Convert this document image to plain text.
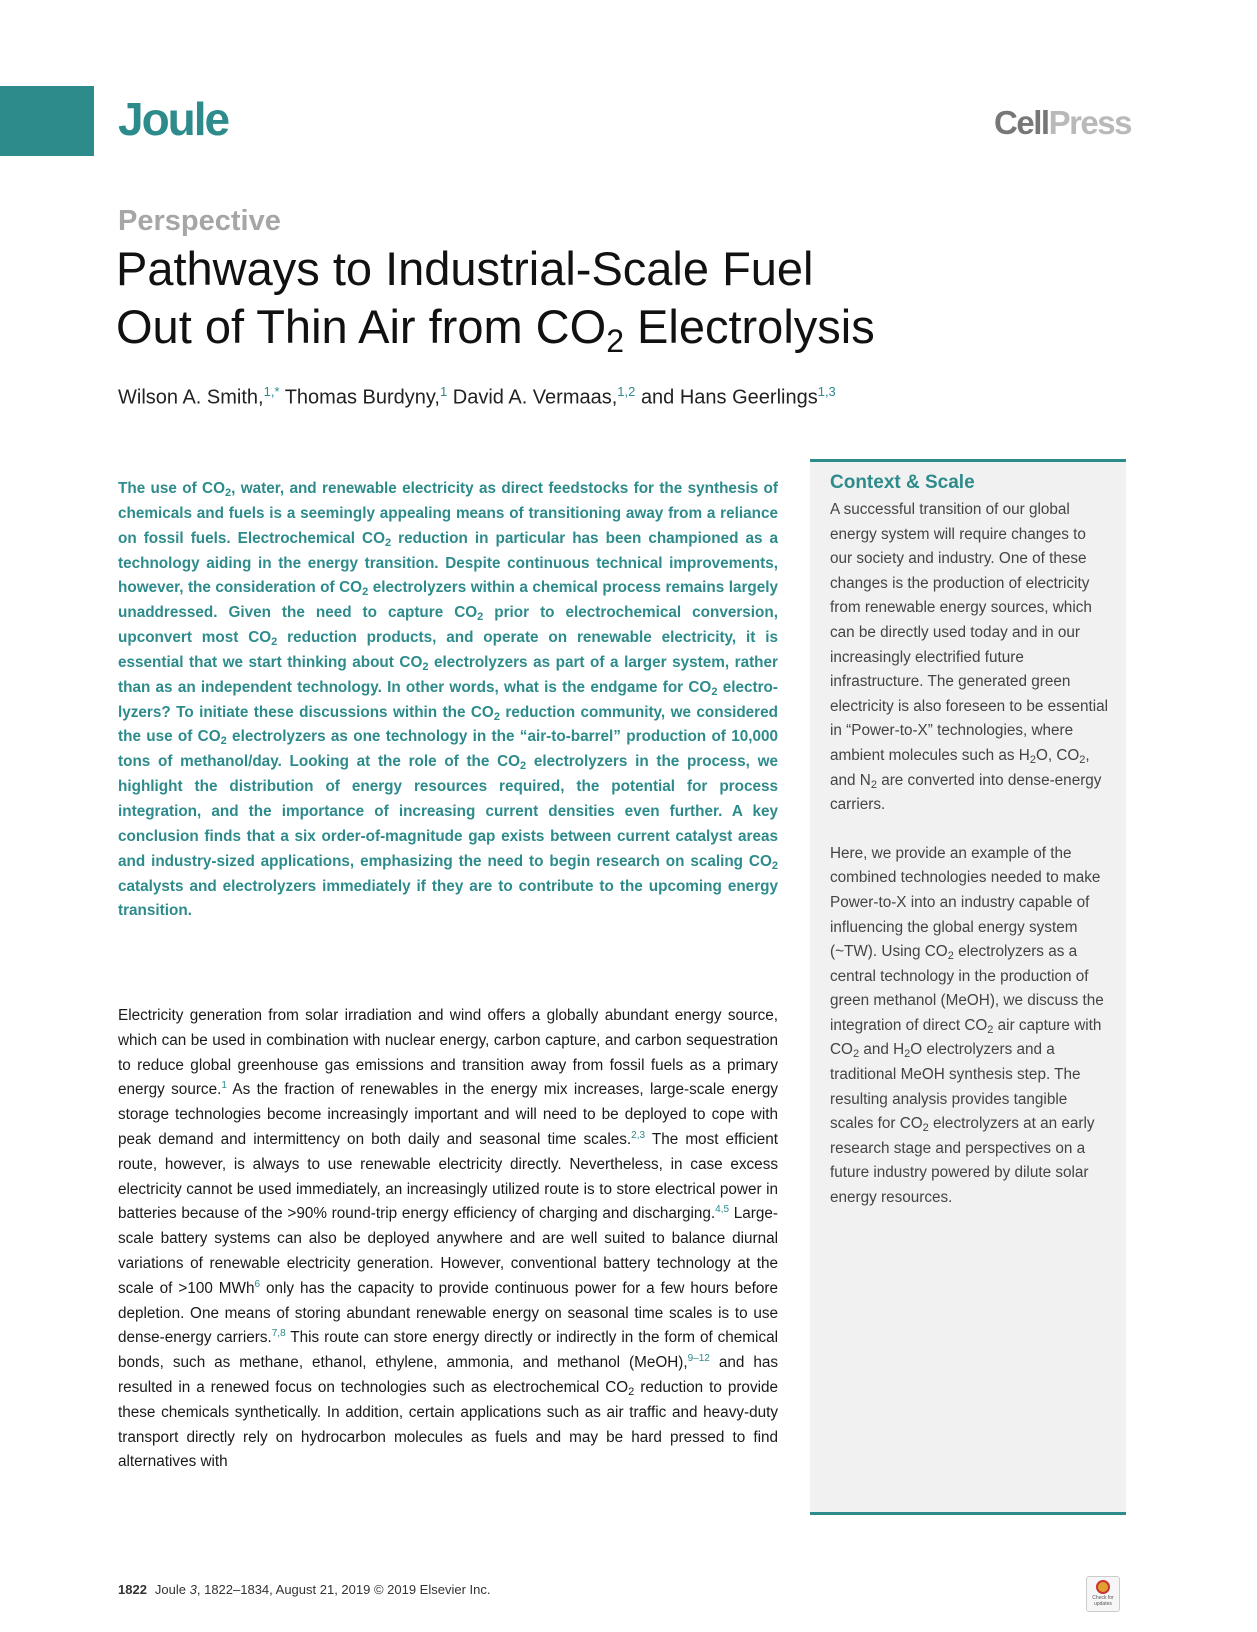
Joule	CellPress
Perspective
Pathways to Industrial-Scale Fuel
Out of Thin Air from $CO_2$ Electrolysis
Wilson A. Smith,$^{1,*}$ Thomas Burdyny,$^1$ David A. Vermaas,$^{1,2}$ and Hans Geerlings$^{1,3}$

The use of $CO_2$, water, and renewable electricity as direct feedstocks for the synthesis of chemicals and fuels is a seemingly appealing means of transitioning away from a reliance on fossil fuels. Electrochemical $CO_2$ reduction in particular has been championed as a technology aiding in the energy transition. Despite continuous technical improvements, however, the consideration of $CO_2$ electrolyzers within a chemical process remains largely unaddressed. Given the need to capture $CO_2$ prior to electrochemical conversion, upconvert most $CO_2$ reduction products, and operate on renewable electricity, it is essential that we start thinking about $CO_2$ electrolyzers as part of a larger system, rather than as an independent technology. In other words, what is the endgame for $CO_2$ electrolyzers? To initiate these discussions within the $CO_2$ reduction community, we considered the use of $CO_2$ electrolyzers as one technology in the “air-to-barrel” production of 10,000 tons of methanol/day. Looking at the role of the $CO_2$ electrolyzers in the process, we highlight the distribution of energy resources required, the potential for process integration, and the importance of increasing current densities even further. A key conclusion finds that a six order-of-magnitude gap exists between current catalyst areas and industry-sized applications, emphasizing the need to begin research on scaling $CO_2$ catalysts and electrolyzers immediately if they are to contribute to the upcoming energy transition.

Electricity generation from solar irradiation and wind offers a globally abundant energy source, which can be used in combination with nuclear energy, carbon capture, and carbon sequestration to reduce global greenhouse gas emissions and transition away from fossil fuels as a primary energy source.$^1$ As the fraction of renewables in the energy mix increases, large-scale energy storage technologies become increasingly important and will need to be deployed to cope with peak demand and intermittency on both daily and seasonal time scales.$^{2,3}$ The most efficient route, however, is always to use renewable electricity directly. Nevertheless, in case excess electricity cannot be used immediately, an increasingly utilized route is to store electrical power in batteries because of the >90% round-trip energy efficiency of charging and discharging.$^{4,5}$ Large-scale battery systems can also be deployed anywhere and are well suited to balance diurnal variations of renewable electricity generation. However, conventional battery technology at the scale of >100 MWh$^6$ only has the capacity to provide continuous power for a few hours before depletion. One means of storing abundant renewable energy on seasonal time scales is to use dense-energy carriers.$^{7,8}$ This route can store energy directly or indirectly in the form of chemical bonds, such as methane, ethanol, ethylene, ammonia, and methanol (MeOH),$^{9-12}$ and has resulted in a renewed focus on technologies such as electrochemical $CO_2$ reduction to provide these chemicals synthetically. In addition, certain applications such as air traffic and heavy-duty transport directly rely on hydrocarbon molecules as fuels and may be hard pressed to find alternatives with

Context & Scale

A successful transition of our global energy system will require changes to our society and industry. One of these changes is the production of electricity from renewable energy sources, which can be directly used today and in our increasingly electrified future infrastructure. The generated green electricity is also foreseen to be essential in “Power-to-X” technologies, where ambient molecules such as $H_2O$, $CO_2$, and $N_2$ are converted into dense-energy carriers.

Here, we provide an example of the combined technologies needed to make Power-to-X into an industry capable of influencing the global energy system (~TW). Using $CO_2$ electrolyzers as a central technology in the production of green methanol (MeOH), we discuss the integration of direct $CO_2$ air capture with $CO_2$ and $H_2O$ electrolyzers and a traditional MeOH synthesis step. The resulting analysis provides tangible scales for $CO_2$ electrolyzers at an early research stage and perspectives on a future industry powered by dilute solar energy resources.

1822 Joule 3, 1822–1834, August 21, 2019 © 2019 Elsevier Inc.
Check for updates
